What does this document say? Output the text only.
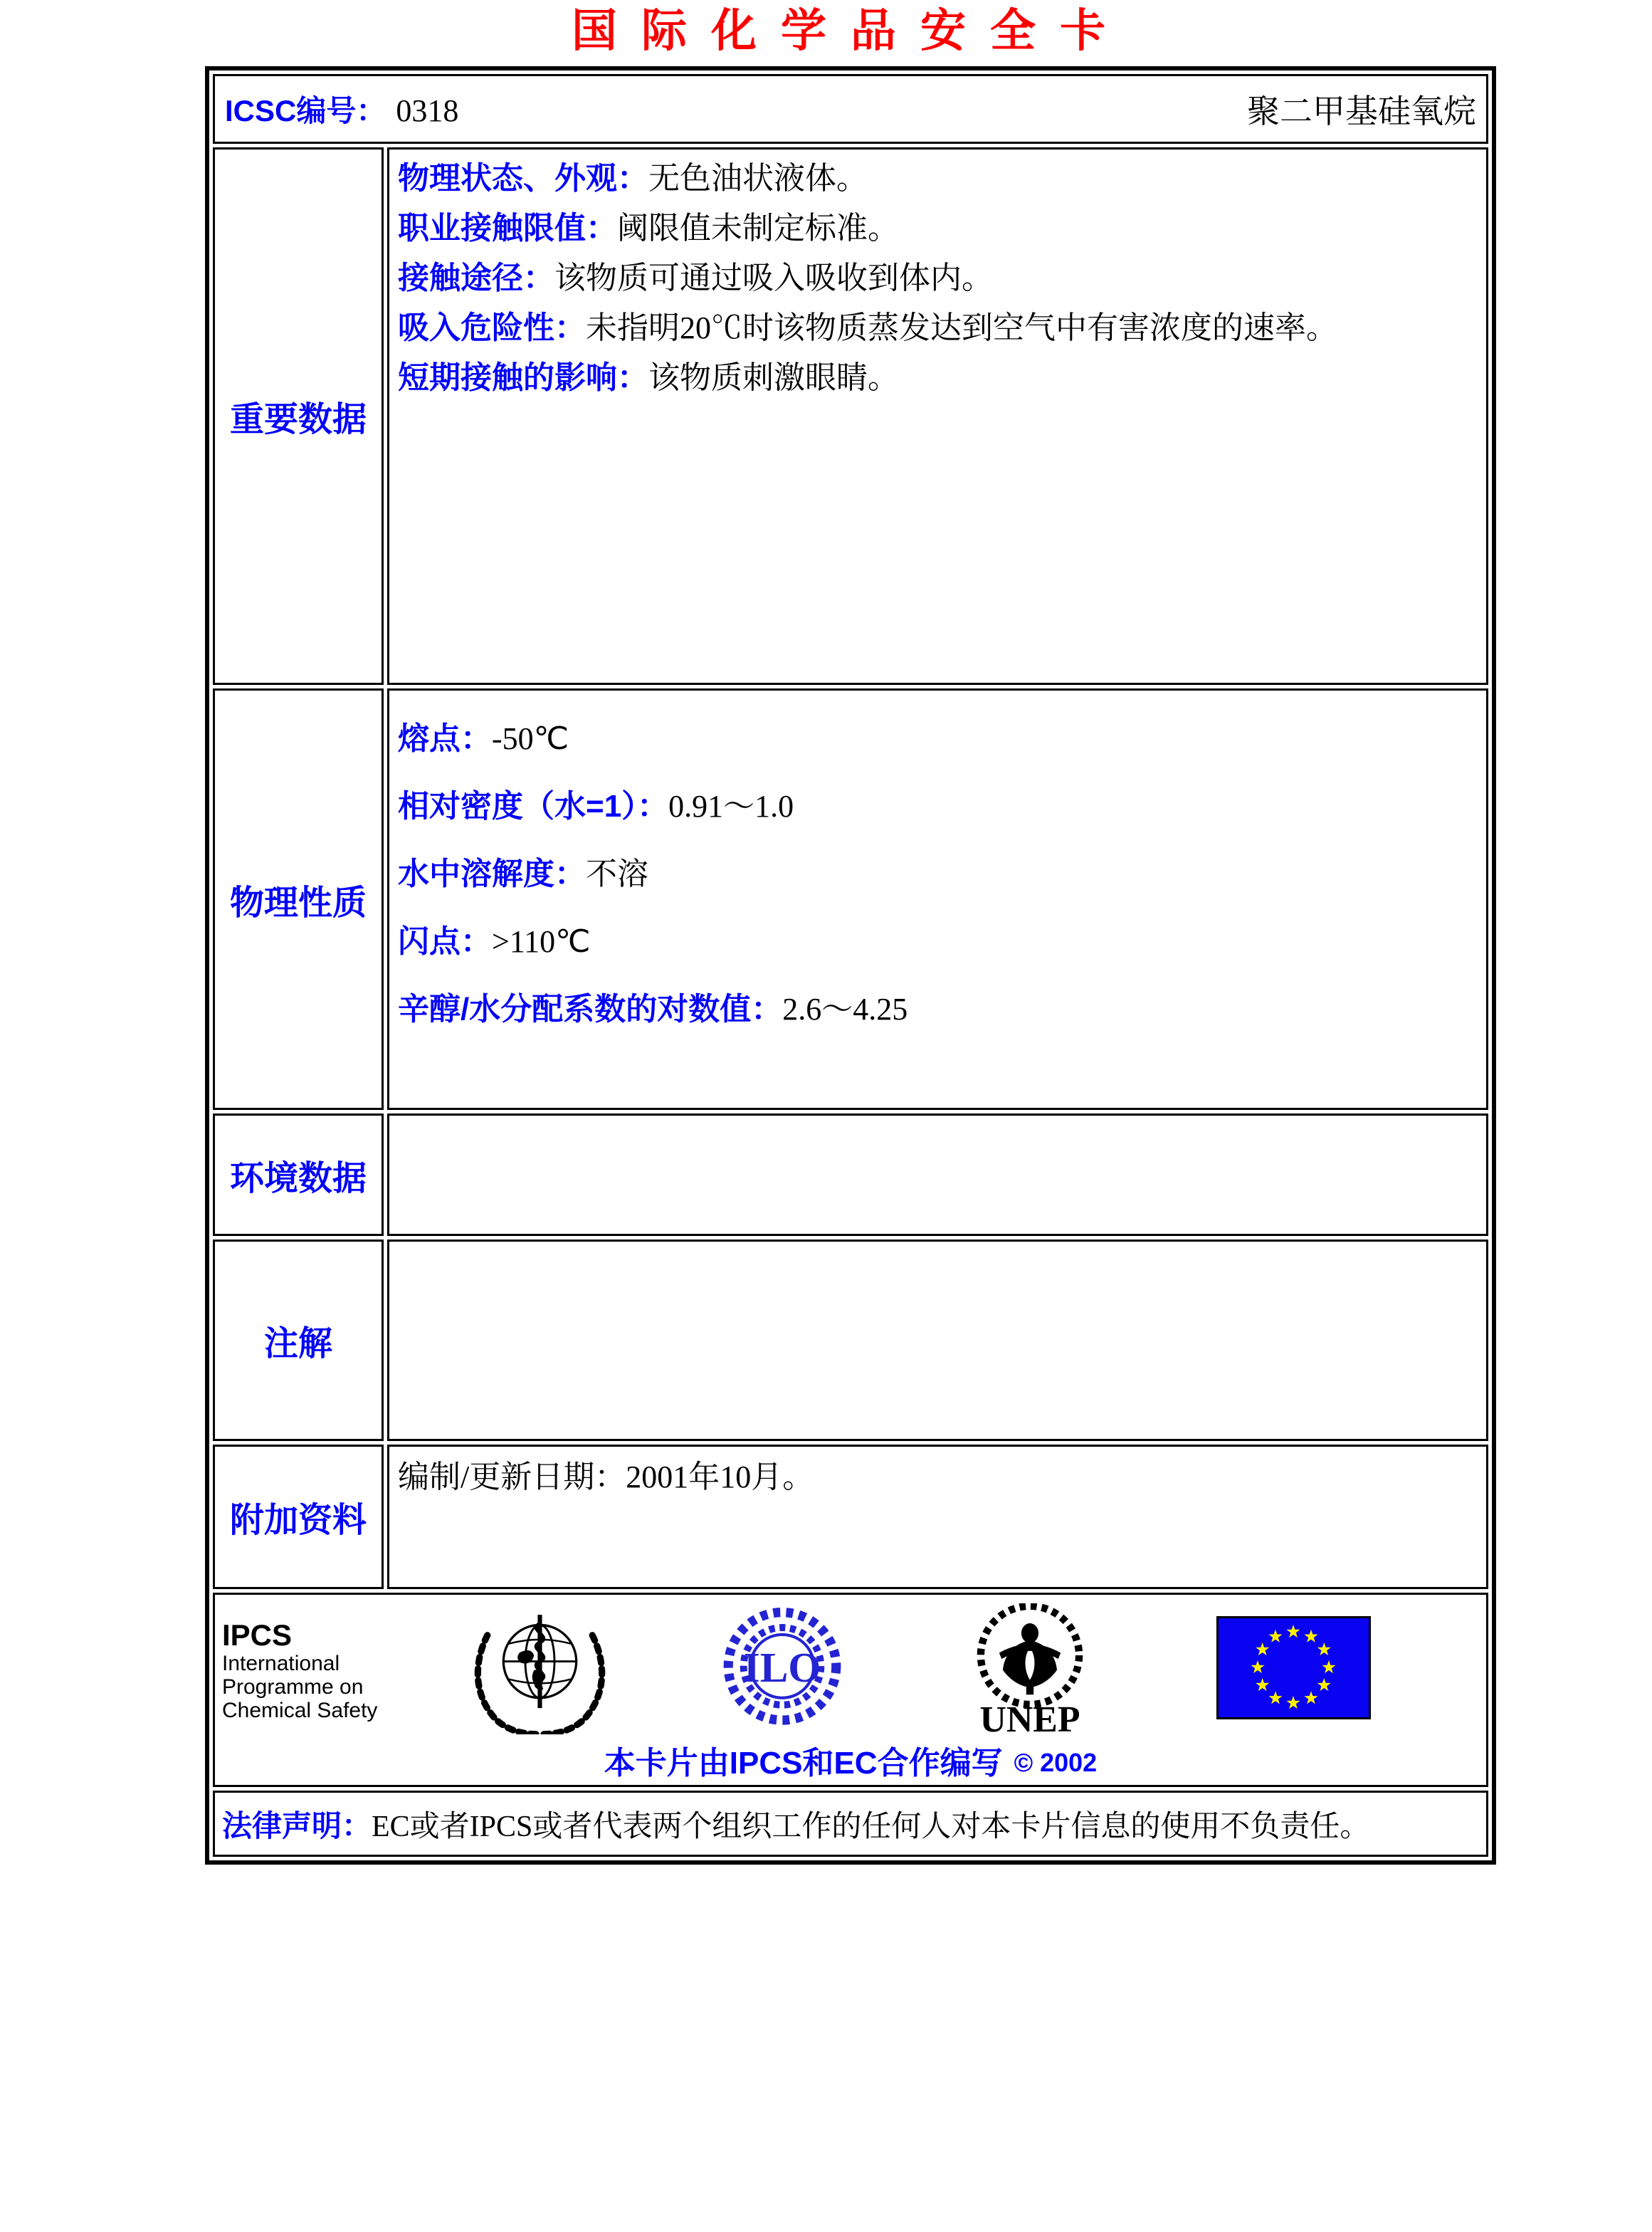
国际化学品安全卡
ICSC编号： 0318 聚二甲基硅氧烷	

重要数据	物理状态、外观：无色油状液体。
职业接触限值：阈限值未制定标准。
接触途径：该物质可通过吸入吸收到体内。
吸入危险性：未指明20℃时该物质蒸发达到空气中有害浓度的速率。
短期接触的影响：该物质刺激眼睛。

物理性质	熔点：-50℃
相对密度（水=1）：0.91～1.0
水中溶解度：不溶
闪点：>110℃
辛醇/水分配系数的对数值：2.6～4.25

环境数据	
注解	
附加资料	编制/更新日期：2001年10月。

IPCS
International
Programme on
Chemical Safety
ILO
UNEP
本卡片由IPCS和EC合作编写 © 2002

法律声明：EC或者IPCS或者代表两个组织工作的任何人对本卡片信息的使用不负责任。	
